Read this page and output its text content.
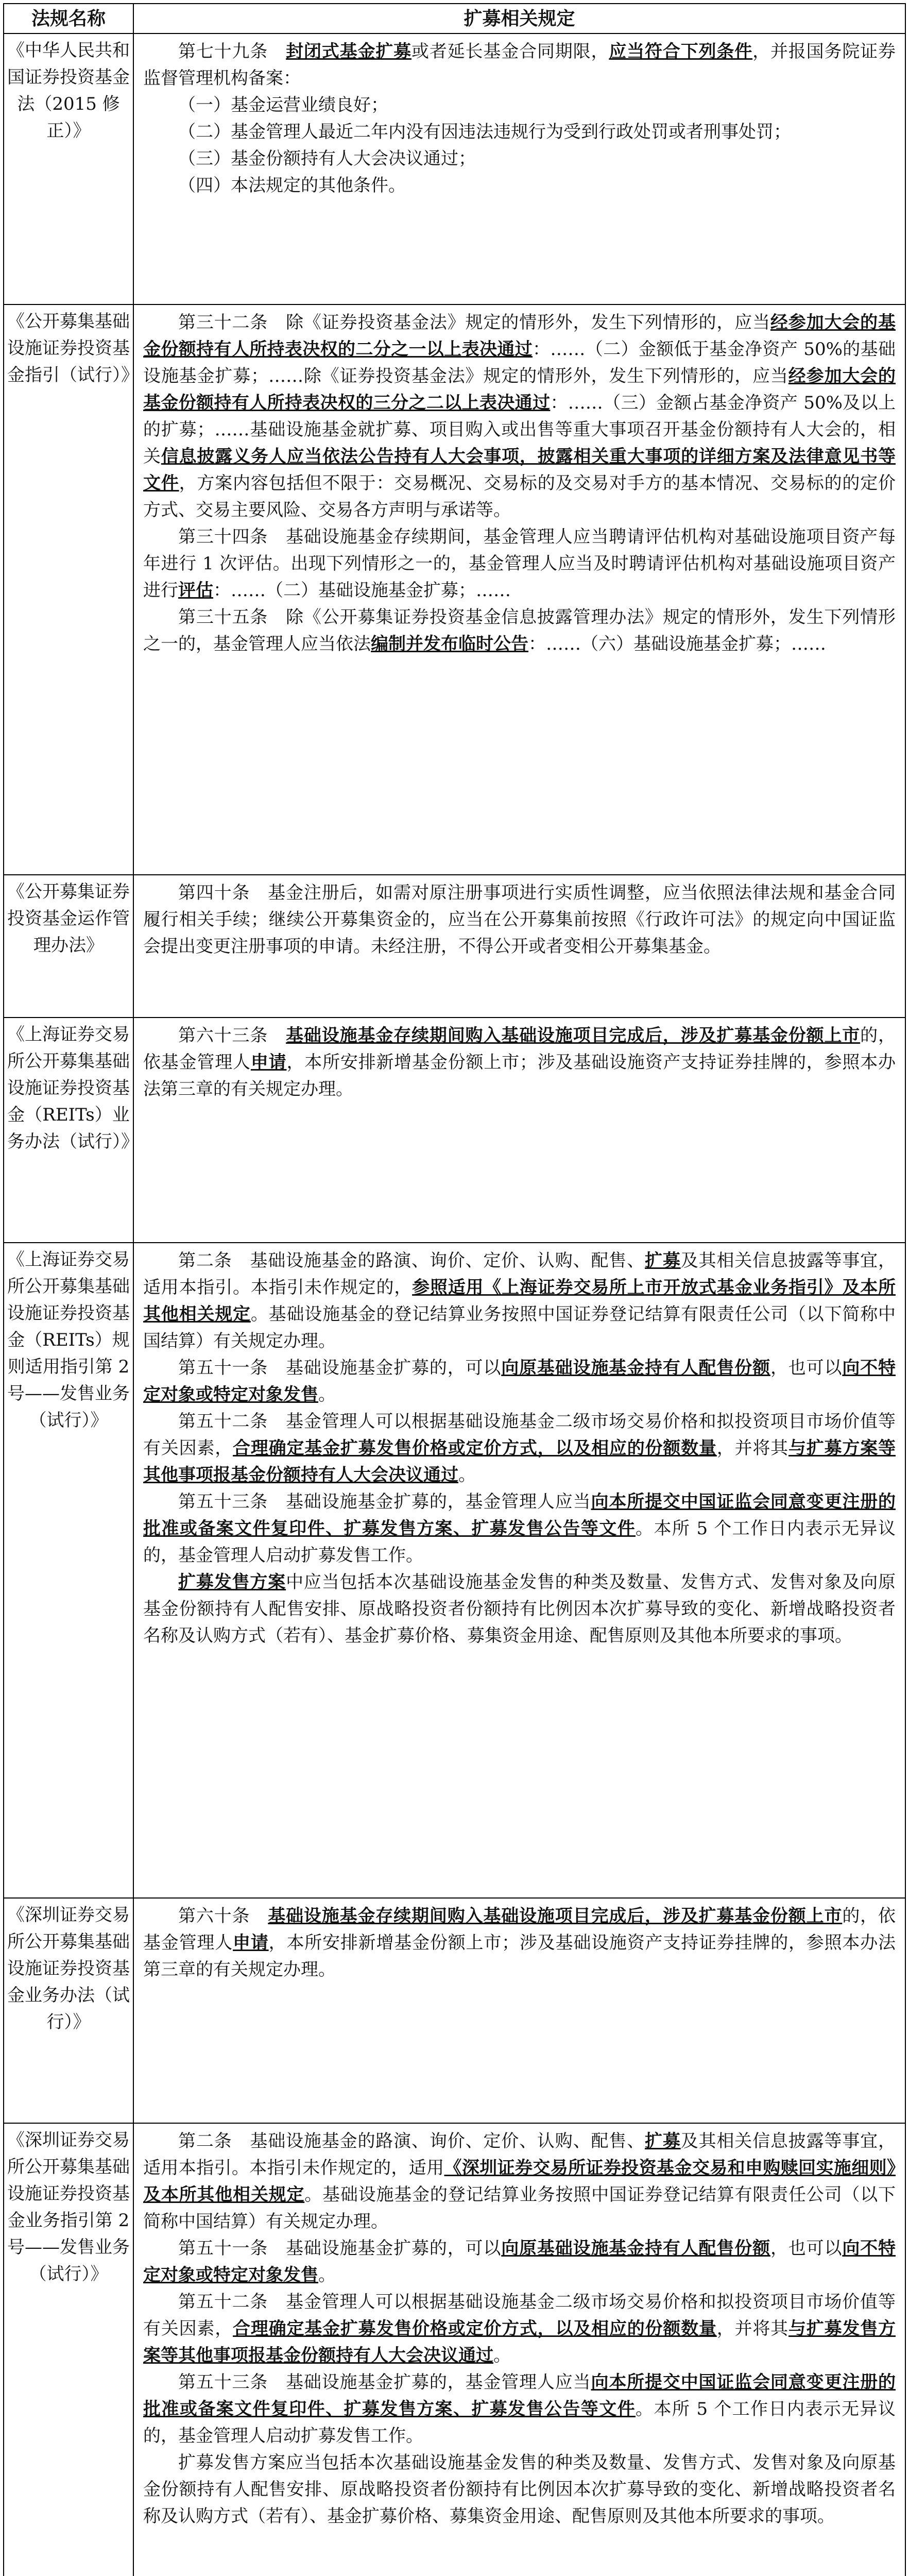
法规名称	扩募相关规定
《中华人民共和国证券投资基金法（2015 修正）》	第七十九条　封闭式基金扩募或者延长基金合同期限，应当符合下列条件，并报国务院证券监督管理机构备案：

（一）基金运营业绩良好；

（二）基金管理人最近二年内没有因违法违规行为受到行政处罚或者刑事处罚；

（三）基金份额持有人大会决议通过；

（四）本法规定的其他条件。

《公开募集基础设施证券投资基金指引（试行）》	第三十二条　除《证券投资基金法》规定的情形外，发生下列情形的，应当经参加大会的基金份额持有人所持表决权的二分之一以上表决通过：……（二）金额低于基金净资产 50%的基础设施基金扩募；……除《证券投资基金法》规定的情形外，发生下列情形的，应当经参加大会的基金份额持有人所持表决权的三分之二以上表决通过：……（三）金额占基金净资产 50%及以上的扩募；……基础设施基金就扩募、项目购入或出售等重大事项召开基金份额持有人大会的，相关信息披露义务人应当依法公告持有人大会事项，披露相关重大事项的详细方案及法律意见书等文件，方案内容包括但不限于：交易概况、交易标的及交易对手方的基本情况、交易标的的定价方式、交易主要风险、交易各方声明与承诺等。

第三十四条　基础设施基金存续期间，基金管理人应当聘请评估机构对基础设施项目资产每年进行 1 次评估。出现下列情形之一的，基金管理人应当及时聘请评估机构对基础设施项目资产进行评估：……（二）基础设施基金扩募；……

第三十五条　除《公开募集证券投资基金信息披露管理办法》规定的情形外，发生下列情形之一的，基金管理人应当依法编制并发布临时公告：……（六）基础设施基金扩募；……

《公开募集证券投资基金运作管理办法》	第四十条　基金注册后，如需对原注册事项进行实质性调整，应当依照法律法规和基金合同履行相关手续；继续公开募集资金的，应当在公开募集前按照《行政许可法》的规定向中国证监会提出变更注册事项的申请。未经注册，不得公开或者变相公开募集基金。

《上海证券交易所公开募集基础设施证券投资基金（REITs）业务办法（试行）》	第六十三条　基础设施基金存续期间购入基础设施项目完成后，涉及扩募基金份额上市的，依基金管理人申请，本所安排新增基金份额上市；涉及基础设施资产支持证券挂牌的，参照本办法第三章的有关规定办理。

《上海证券交易所公开募集基础设施证券投资基金（REITs）规则适用指引第 2 号——发售业务（试行）》	第二条　基础设施基金的路演、询价、定价、认购、配售、扩募及其相关信息披露等事宜，适用本指引。本指引未作规定的，参照适用《上海证券交易所上市开放式基金业务指引》及本所其他相关规定。基础设施基金的登记结算业务按照中国证券登记结算有限责任公司（以下简称中国结算）有关规定办理。

第五十一条　基础设施基金扩募的，可以向原基础设施基金持有人配售份额，也可以向不特定对象或特定对象发售。

第五十二条　基金管理人可以根据基础设施基金二级市场交易价格和拟投资项目市场价值等有关因素，合理确定基金扩募发售价格或定价方式，以及相应的份额数量，并将其与扩募方案等其他事项报基金份额持有人大会决议通过。

第五十三条　基础设施基金扩募的，基金管理人应当向本所提交中国证监会同意变更注册的批准或备案文件复印件、扩募发售方案、扩募发售公告等文件。本所 5 个工作日内表示无异议的，基金管理人启动扩募发售工作。

扩募发售方案中应当包括本次基础设施基金发售的种类及数量、发售方式、发售对象及向原基金份额持有人配售安排、原战略投资者份额持有比例因本次扩募导致的变化、新增战略投资者名称及认购方式（若有）、基金扩募价格、募集资金用途、配售原则及其他本所要求的事项。

《深圳证券交易所公开募集基础设施证券投资基金业务办法（试行）》	第六十条　基础设施基金存续期间购入基础设施项目完成后，涉及扩募基金份额上市的，依基金管理人申请，本所安排新增基金份额上市；涉及基础设施资产支持证券挂牌的，参照本办法第三章的有关规定办理。

《深圳证券交易所公开募集基础设施证券投资基金业务指引第 2 号——发售业务（试行）》	第二条　基础设施基金的路演、询价、定价、认购、配售、扩募及其相关信息披露等事宜，适用本指引。本指引未作规定的，适用《深圳证券交易所证券投资基金交易和申购赎回实施细则》及本所其他相关规定。基础设施基金的登记结算业务按照中国证券登记结算有限责任公司（以下简称中国结算）有关规定办理。

第五十一条　基础设施基金扩募的，可以向原基础设施基金持有人配售份额，也可以向不特定对象或特定对象发售。

第五十二条　基金管理人可以根据基础设施基金二级市场交易价格和拟投资项目市场价值等有关因素，合理确定基金扩募发售价格或定价方式，以及相应的份额数量，并将其与扩募发售方案等其他事项报基金份额持有人大会决议通过。

第五十三条　基础设施基金扩募的，基金管理人应当向本所提交中国证监会同意变更注册的批准或备案文件复印件、扩募发售方案、扩募发售公告等文件。本所 5 个工作日内表示无异议的，基金管理人启动扩募发售工作。

扩募发售方案应当包括本次基础设施基金发售的种类及数量、发售方式、发售对象及向原基金份额持有人配售安排、原战略投资者份额持有比例因本次扩募导致的变化、新增战略投资者名称及认购方式（若有）、基金扩募价格、募集资金用途、配售原则及其他本所要求的事项。
